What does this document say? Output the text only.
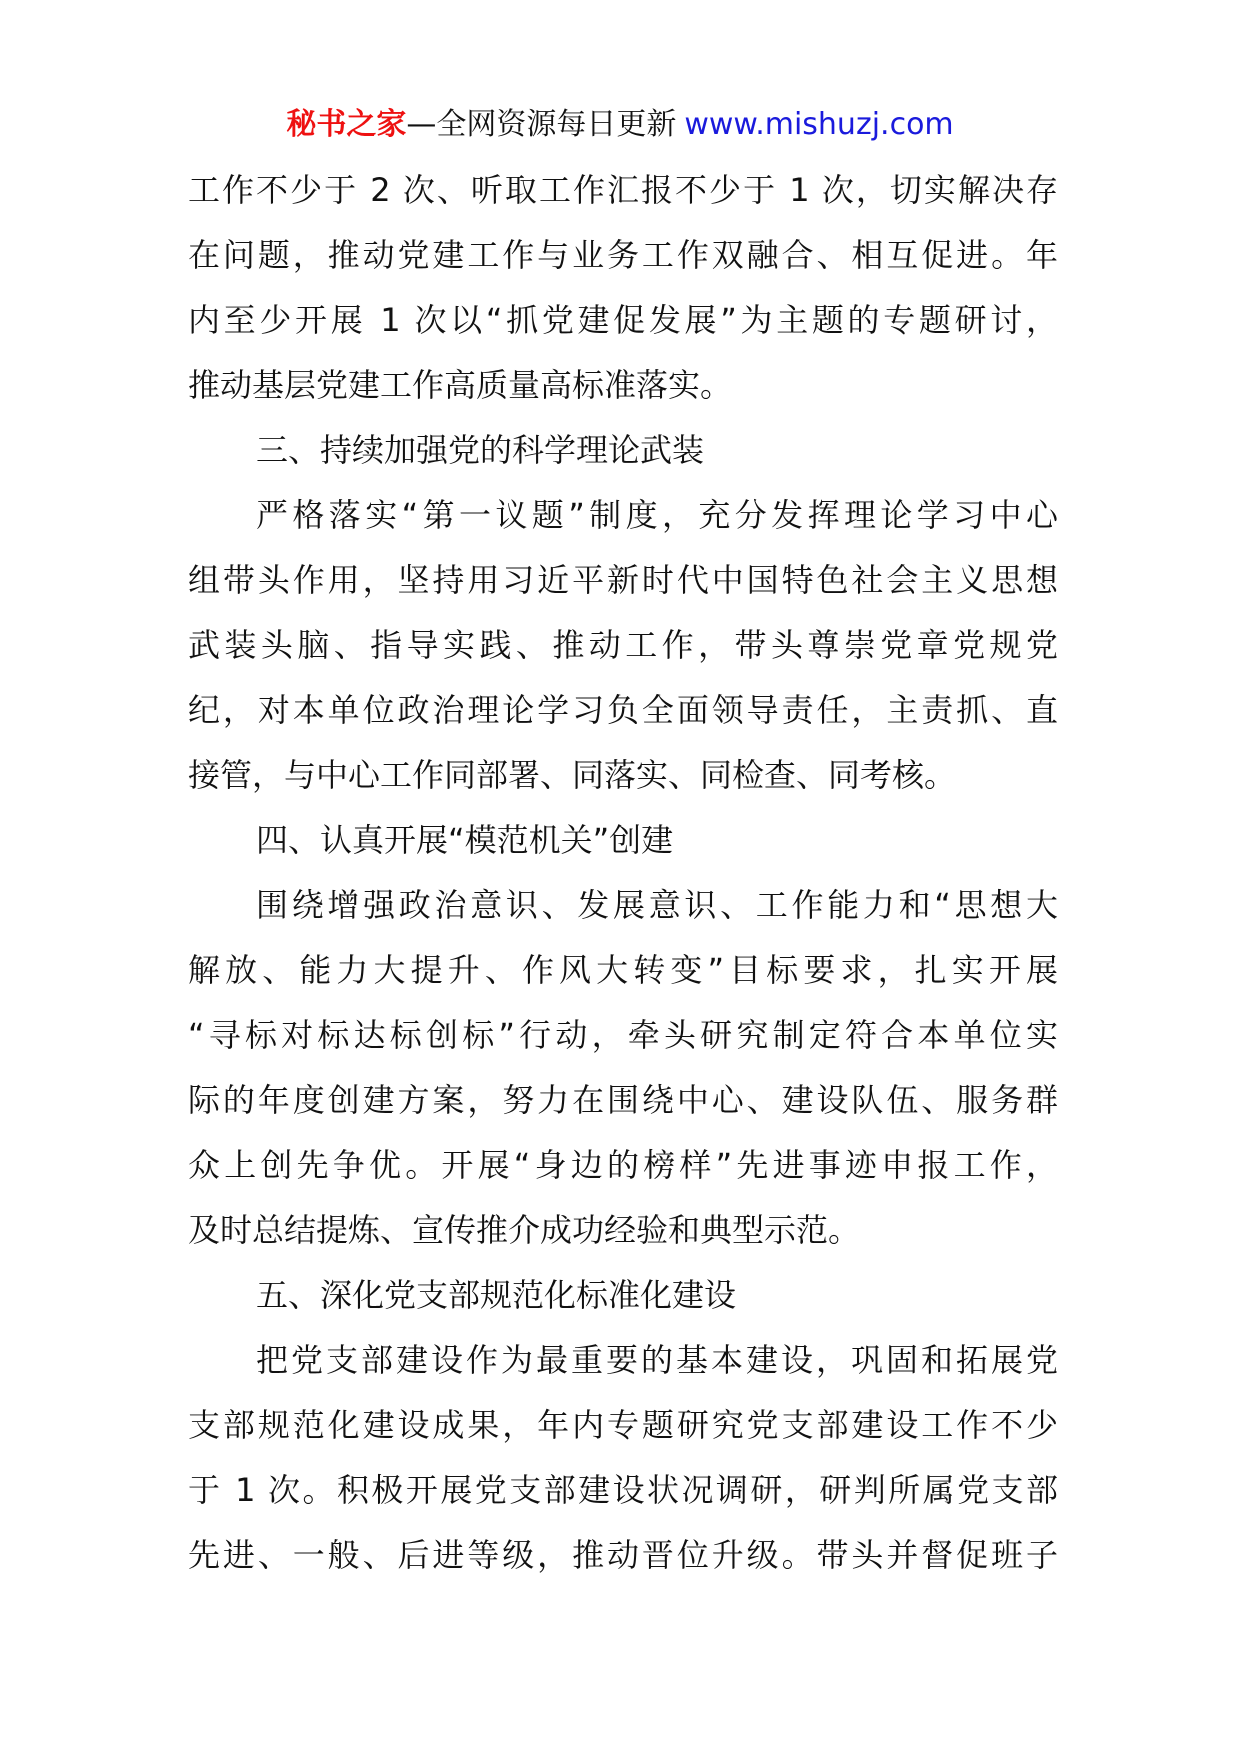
秘书之家—全网资源每日更新 www.mishuzj.com
工作不少于 2 次、听取工作汇报不少于 1 次，切实解决存
在问题，推动党建工作与业务工作双融合、相互促进。年
内至少开展 1 次以“抓党建促发展”为主题的专题研讨，
推动基层党建工作高质量高标准落实。
三、持续加强党的科学理论武装
严格落实“第一议题”制度，充分发挥理论学习中心
组带头作用，坚持用习近平新时代中国特色社会主义思想
武装头脑、指导实践、推动工作，带头尊崇党章党规党
纪，对本单位政治理论学习负全面领导责任，主责抓、直
接管，与中心工作同部署、同落实、同检查、同考核。
四、认真开展“模范机关”创建
围绕增强政治意识、发展意识、工作能力和“思想大
解放、能力大提升、作风大转变”目标要求，扎实开展
“寻标对标达标创标”行动，牵头研究制定符合本单位实
际的年度创建方案，努力在围绕中心、建设队伍、服务群
众上创先争优。开展“身边的榜样”先进事迹申报工作，
及时总结提炼、宣传推介成功经验和典型示范。
五、深化党支部规范化标准化建设
把党支部建设作为最重要的基本建设，巩固和拓展党
支部规范化建设成果，年内专题研究党支部建设工作不少
于 1 次。积极开展党支部建设状况调研，研判所属党支部
先进、一般、后进等级，推动晋位升级。带头并督促班子
